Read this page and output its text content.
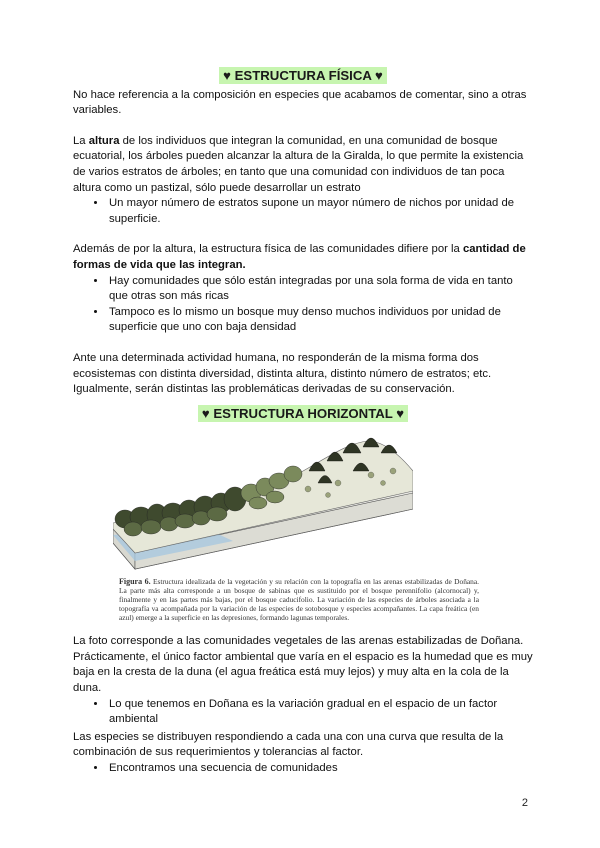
♥ ESTRUCTURA FÍSICA ♥

No hace referencia a la composición en especies que acabamos de comentar, sino a otras variables.

La altura de los individuos que integran la comunidad, en una comunidad de bosque ecuatorial, los árboles pueden alcanzar la altura de la Giralda, lo que permite la existencia de varios estratos de árboles; en tanto que una comunidad con individuos de tan poca altura como un pastizal, sólo puede desarrollar un estrato

• Un mayor número de estratos supone un mayor número de nichos por unidad de superficie.

Además de por la altura, la estructura física de las comunidades difiere por la cantidad de formas de vida que las integran.

• Hay comunidades que sólo están integradas por una sola forma de vida en tanto que otras son más ricas
• Tampoco es lo mismo un bosque muy denso muchos individuos por unidad de superficie que uno con baja densidad

Ante una determinada actividad humana, no responderán de la misma forma dos ecosistemas con distinta diversidad, distinta altura, distinto número de estratos; etc. Igualmente, serán distintas las problemáticas derivadas de su conservación.

♥ ESTRUCTURA HORIZONTAL ♥

Figura 6. Estructura idealizada de la vegetación y su relación con la topografía en las arenas estabilizadas de Doñana. La parte más alta corresponde a un bosque de sabinas que es sustituido por el bosque perennifolio (alcornocal) y, finalmente y en las partes más bajas, por el bosque caducifolio. La variación de las especies de árboles asociada a la topografía va acompañada por la variación de las especies de sotobosque y especies acompañantes. La capa freática (en azul) emerge a la superficie en las depresiones, formando lagunas temporales.

La foto corresponde a las comunidades vegetales de las arenas estabilizadas de Doñana. Prácticamente, el único factor ambiental que varía en el espacio es la humedad que es muy baja en la cresta de la duna (el agua freática está muy lejos) y muy alta en la cola de la duna.

• Lo que tenemos en Doñana es la variación gradual en el espacio de un factor ambiental

Las especies se distribuyen respondiendo a cada una con una curva que resulta de la combinación de sus requerimientos y tolerancias al factor.

• Encontramos una secuencia de comunidades
2
